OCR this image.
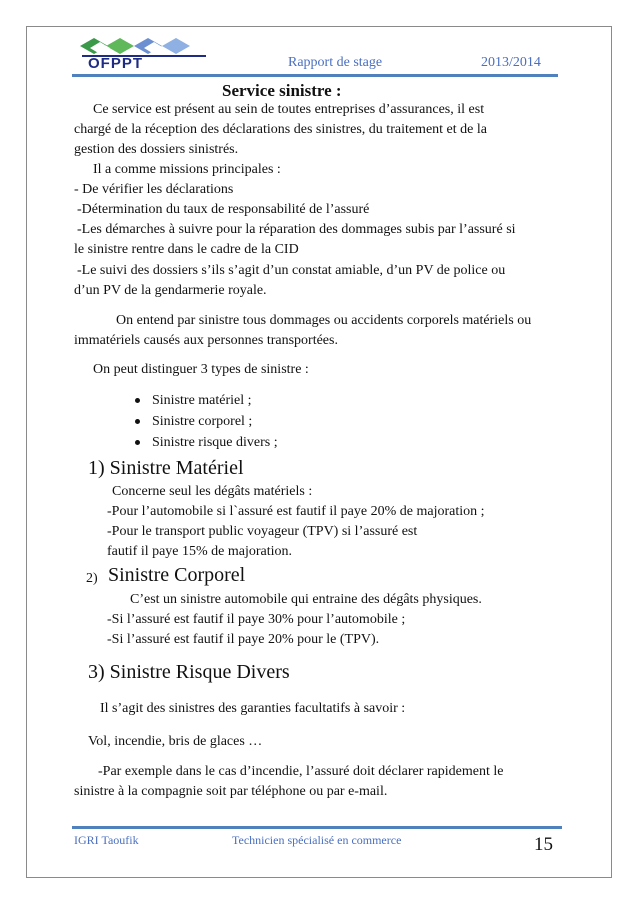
OFPPT	Rapport de stage	2013/2014
Service sinistre :
Ce service est présent au sein de toutes entreprises d’assurances, il est
chargé de la réception des déclarations des sinistres, du traitement et de la
gestion des dossiers sinistrés.
Il a comme missions principales :
- De vérifier les déclarations
-Détermination du taux de responsabilité de l’assuré
-Les démarches à suivre pour la réparation des dommages subis par l’assuré si
le sinistre rentre dans le cadre de la CID
-Le suivi des dossiers s’ils s’agit d’un constat amiable, d’un PV de police ou
d’un PV de la gendarmerie royale.
On entend par sinistre tous dommages ou accidents corporels matériels ou
immatériels causés aux personnes transportées.
On peut distinguer 3 types de sinistre :
Sinistre matériel ;
Sinistre corporel ;
Sinistre risque divers ;
1) Sinistre Matériel
Concerne seul les dégâts matériels :
-Pour l’automobile si l`assuré est fautif il paye 20% de majoration ;
-Pour le transport public voyageur (TPV) si l’assuré est
fautif il paye 15% de majoration.
2) Sinistre Corporel
C’est un sinistre automobile qui entraine des dégâts physiques.
-Si l’assuré est fautif il paye 30% pour l’automobile ;
-Si l’assuré est fautif il paye 20% pour le (TPV).
3) Sinistre Risque Divers
Il s’agit des sinistres des garanties facultatifs à savoir :
Vol, incendie, bris de glaces …
-Par exemple dans le cas d’incendie, l’assuré doit déclarer rapidement le
sinistre à la compagnie soit par téléphone ou par e-mail.
IGRI Taoufik	Technicien spécialisé en commerce	15
